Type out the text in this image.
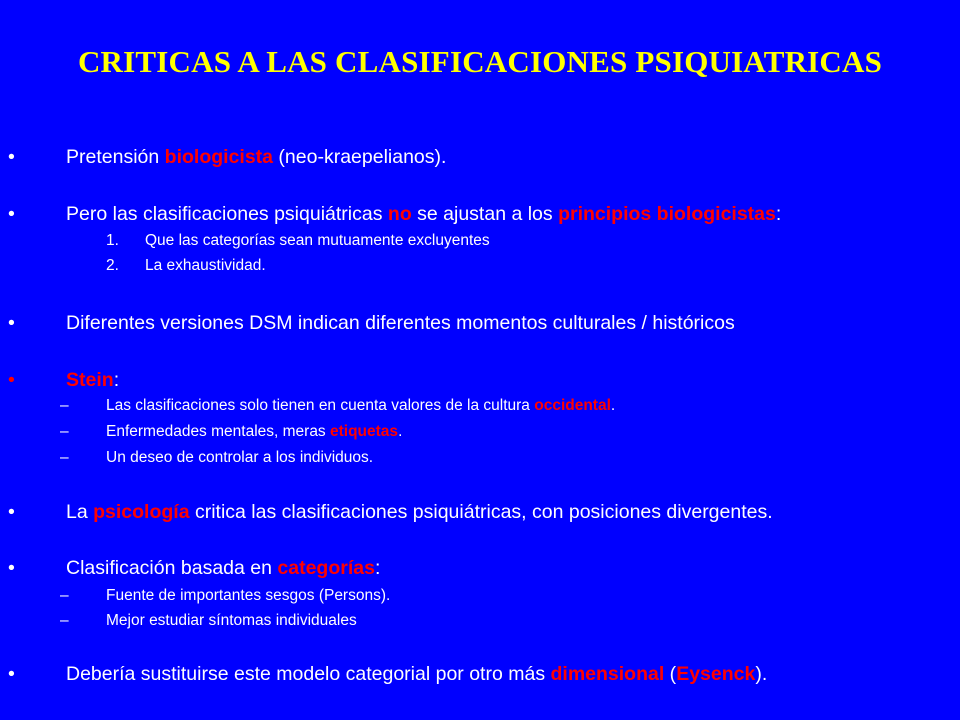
CRITICAS A LAS CLASIFICACIONES PSIQUIATRICAS
•	Pretensión biologicista (neo-kraepelianos).
•	Pero las clasificaciones psiquiátricas no se ajustan a los principios biologicistas:
1. Que las categorías sean mutuamente excluyentes
2. La exhaustividad.
•	Diferentes versiones DSM indican diferentes momentos culturales / históricos
•	Stein:
– Las clasificaciones solo tienen en cuenta valores de la cultura occidental.
– Enfermedades mentales, meras etiquetas.
– Un deseo de controlar a los individuos.
•	La psicología critica las clasificaciones psiquiátricas, con posiciones divergentes.
•	Clasificación basada en categorías:
– Fuente de importantes sesgos (Persons).
– Mejor estudiar síntomas individuales
•	Debería sustituirse este modelo categorial por otro más dimensional (Eysenck).
